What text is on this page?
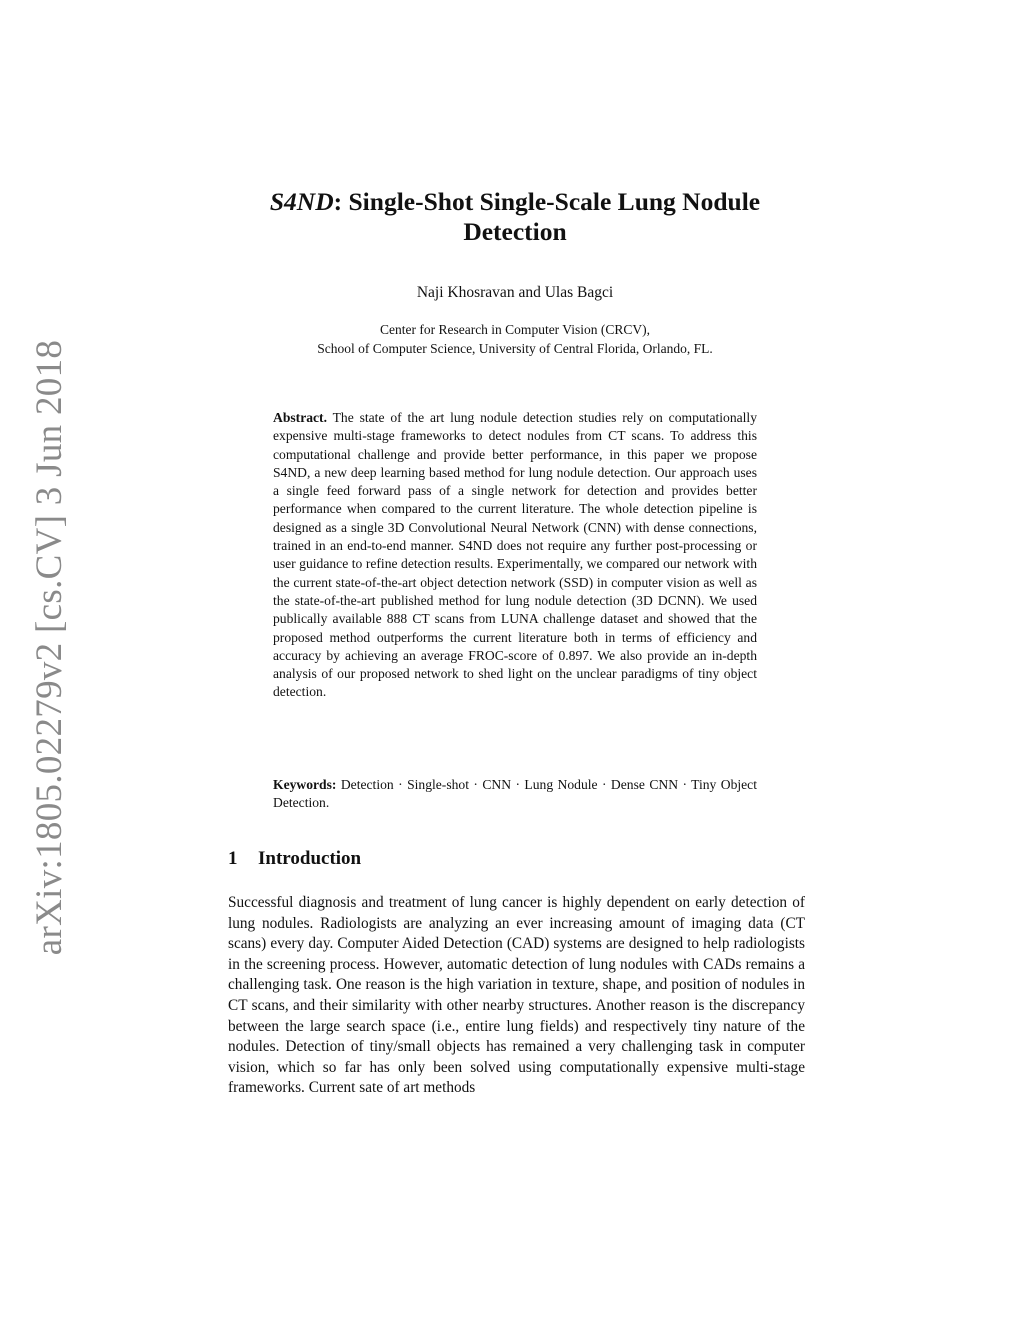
arXiv:1805.02279v2 [cs.CV] 3 Jun 2018
S4ND: Single-Shot Single-Scale Lung Nodule
Detection
Naji Khosravan and Ulas Bagci
Center for Research in Computer Vision (CRCV),
School of Computer Science, University of Central Florida, Orlando, FL.
Abstract. The state of the art lung nodule detection studies rely on computationally expensive multi-stage frameworks to detect nodules from CT scans. To address this computational challenge and provide better performance, in this paper we propose S4ND, a new deep learning based method for lung nodule detection. Our approach uses a single feed forward pass of a single network for detection and provides better performance when compared to the current literature. The whole detection pipeline is designed as a single 3D Convolutional Neural Network (CNN) with dense connections, trained in an end-to-end manner. S4ND does not require any further post-processing or user guidance to refine detection results. Experimentally, we compared our network with the current state-of-the-art object detection network (SSD) in computer vision as well as the state-of-the-art published method for lung nodule detection (3D DCNN). We used publically available 888 CT scans from LUNA challenge dataset and showed that the proposed method outperforms the current literature both in terms of efficiency and accuracy by achieving an average FROC-score of 0.897. We also provide an in-depth analysis of our proposed network to shed light on the unclear paradigms of tiny object detection.
Keywords: Detection · Single-shot · CNN · Lung Nodule · Dense CNN · Tiny Object Detection.
1 Introduction
Successful diagnosis and treatment of lung cancer is highly dependent on early detection of lung nodules. Radiologists are analyzing an ever increasing amount of imaging data (CT scans) every day. Computer Aided Detection (CAD) systems are designed to help radiologists in the screening process. However, automatic detection of lung nodules with CADs remains a challenging task. One reason is the high variation in texture, shape, and position of nodules in CT scans, and their similarity with other nearby structures. Another reason is the discrepancy between the large search space (i.e., entire lung fields) and respectively tiny nature of the nodules. Detection of tiny/small objects has remained a very challenging task in computer vision, which so far has only been solved using computationally expensive multi-stage frameworks. Current sate of art methods
